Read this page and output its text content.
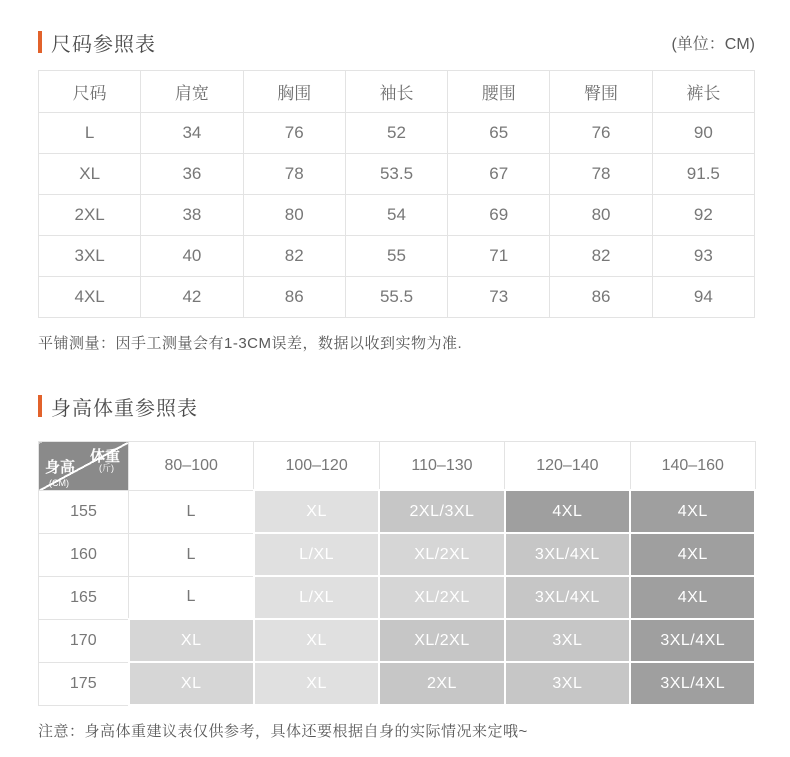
尺码参照表	(单位：CM)
尺码	肩宽	胸围	袖长	腰围	臀围	裤长
L	34	76	52	65	76	90
XL	36	78	53.5	67	78	91.5
2XL	38	80	54	69	80	92
3XL	40	82	55	71	82	93
4XL	42	86	55.5	73	86	94

平铺测量：因手工测量会有1-3CM误差，数据以收到实物为准.

身高体重参照表
体重
(斤)
身高
(CM)	80–100	100–120	110–130	120–140	140–160
155	L	XL	2XL/3XL	4XL	4XL
160	L	L/XL	XL/2XL	3XL/4XL	4XL
165	L	L/XL	XL/2XL	3XL/4XL	4XL
170	XL	XL	XL/2XL	3XL	3XL/4XL
175	XL	XL	2XL	3XL	3XL/4XL

注意：身高体重建议表仅供参考，具体还要根据自身的实际情况来定哦~
